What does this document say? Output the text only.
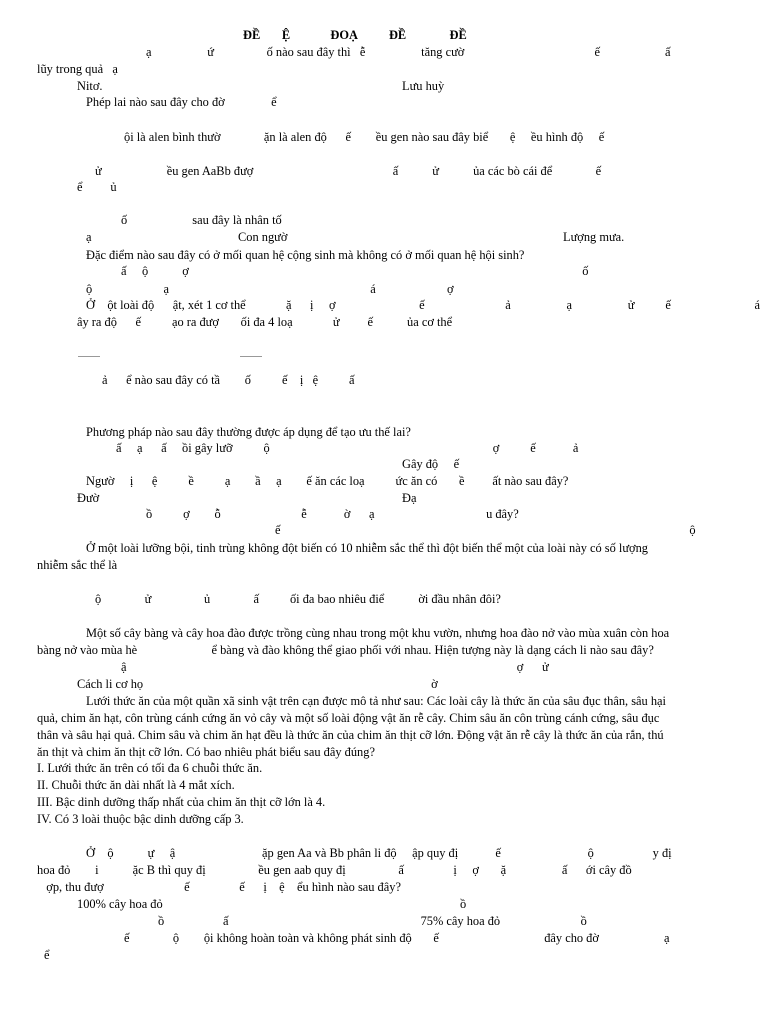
ĐỀ       Ệ             ĐOẠ          ĐỀ              ĐỀ
ạ                  ứ                 ố nào sau đây thì   ễ                  tăng cườ                                          ế                     ấ
lũy trong quả   ạ
Nitơ.	Lưu huỳ
Phép lai nào sau đây cho đờ               ể
ội là alen bình thườ              ặn là alen độ      ế        ều gen nào sau đây biể       ệ     ều hình độ     ế
ử                     ều gen AaBb đượ                                             ấ           ử           ủa các bò cái để              ế
ể         ủ
ố                     sau đây là nhân tố
ạ	Con ngườ	Lượng mưa.
Đặc điểm nào sau đây có ở mối quan hệ cộng sinh mà không có ở mối quan hệ hội sinh?
ấ     ộ           ợ                                                                                                                               ố
ộ                       ạ                                                                 á                       ợ
Ở    ột loài độ      ật, xét 1 cơ thể             ặ      ị     ợ                           ế                          ả                  ạ                  ử          ế                           á
ây ra độ      ế          ạo ra đượ       ối đa 4 loạ             ử         ế           ủa cơ thể
ả      ể nào sau đây có tầ        ố          ế    ị   ệ          ấ
Phương pháp nào sau đây thường được áp dụng để tạo ưu thế lai?
ấ     ạ      ấ     ồi gây lưỡ          ộ                                                                        ợ          ế            ả
Gây độ     ế
Ngườ     ị      ệ          ề          ạ        ầ     ạ        ế ăn các loạ          ức ăn có       ề         ất nào sau đây?
Đườ	Đạ
ồ          ợ        ỗ                          ễ            ờ      ạ                                    u đây?
ế                                                                                                                                    ộ
Ở một loài lưỡng bội, tinh trùng không đột biến có 10 nhiễm sắc thể thì đột biến thể một của loài này có số lượng
nhiễm sắc thể là
ộ              ử                 ủ              ấ          ối đa bao nhiêu điể           ời đầu nhân đôi?
Một số cây bàng và cây hoa đào được trồng cùng nhau trong một khu vườn, nhưng hoa đào nở vào mùa xuân còn hoa
bàng nở vào mùa hè                        ể bàng và đào không thể giao phối với nhau. Hiện tượng này là dạng cách li nào sau đây?
ậ                                                                                                                              ợ      ử
Cách li cơ họ                                                                                             ờ
Lưới thức ăn của một quần xã sinh vật trên cạn được mô tả như sau: Các loài cây là thức ăn của sâu đục thân, sâu hại
quả, chim ăn hạt, côn trùng cánh cứng ăn vỏ cây và một số loài động vật ăn rễ cây. Chim sâu ăn côn trùng cánh cứng, sâu đục
thân và sâu hại quả. Chim sâu và chim ăn hạt đều là thức ăn của chim ăn thịt cỡ lớn. Động vật ăn rễ cây là thức ăn của rắn, thú
ăn thịt và chim ăn thịt cỡ lớn. Có bao nhiêu phát biểu sau đây đúng?
I. Lưới thức ăn trên có tối đa 6 chuỗi thức ăn.
II. Chuỗi thức ăn dài nhất là 4 mắt xích.
III. Bậc dinh dưỡng thấp nhất của chim ăn thịt cỡ lớn là 4.
IV. Có 3 loài thuộc bậc dinh dưỡng cấp 3.
Ở    ộ           ự     ậ                            ặp gen Aa và Bb phân li độ     ập quy đị            ế                            ộ                   y đị
hoa đỏ        i           ặc B thì quy đị                 ều gen aab quy đị                 ấ                ị     ợ       ặ                  ấ      ới cây đồ
ợp, thu đượ                          ế                ế      ị    ệ    ểu hình nào sau đây?
100% cây hoa đỏ                                                                                                ồ
ồ                   ấ                                                              75% cây hoa đỏ                          ồ
ế              ộ        ội không hoàn toàn và không phát sinh độ       ế                                  đây cho đờ                     ạ
ể
